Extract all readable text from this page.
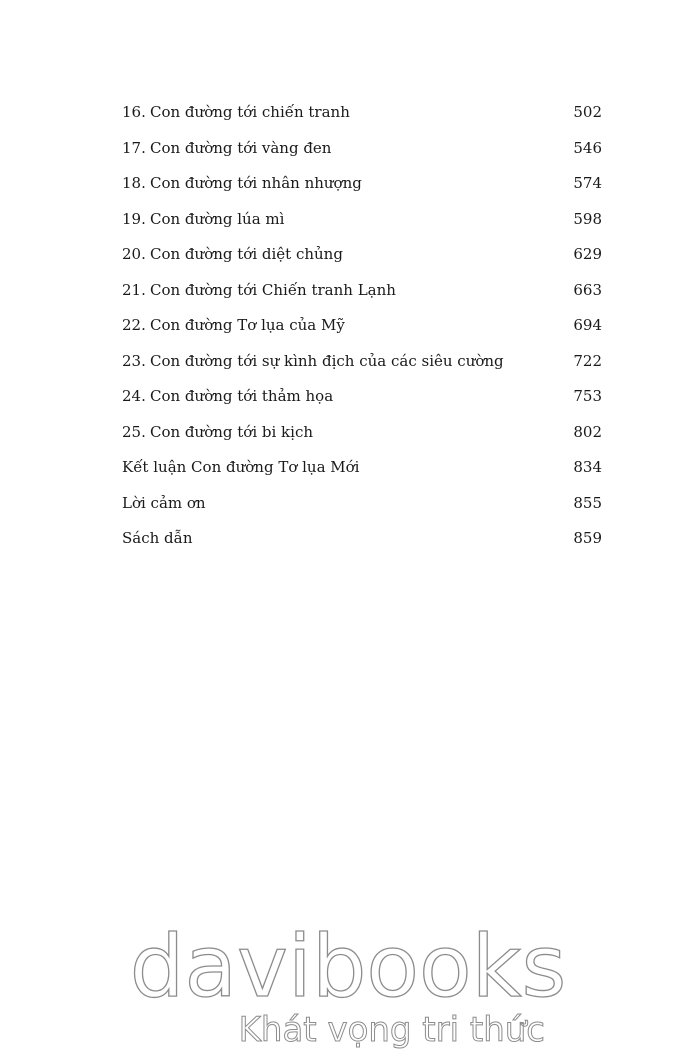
16. Con đường tới chiến tranh	502
17. Con đường tới vàng đen	546
18. Con đường tới nhân nhượng	574
19. Con đường lúa mì	598
20. Con đường tới diệt chủng	629
21. Con đường tới Chiến tranh Lạnh	663
22. Con đường Tơ lụa của Mỹ	694
23. Con đường tới sự kình địch của các siêu cường	722
24. Con đường tới thảm họa	753
25. Con đường tới bi kịch	802
Kết luận Con đường Tơ lụa Mới	834
Lời cảm ơn	855
Sách dẫn	859
davibooks
Khát vọng tri thức
